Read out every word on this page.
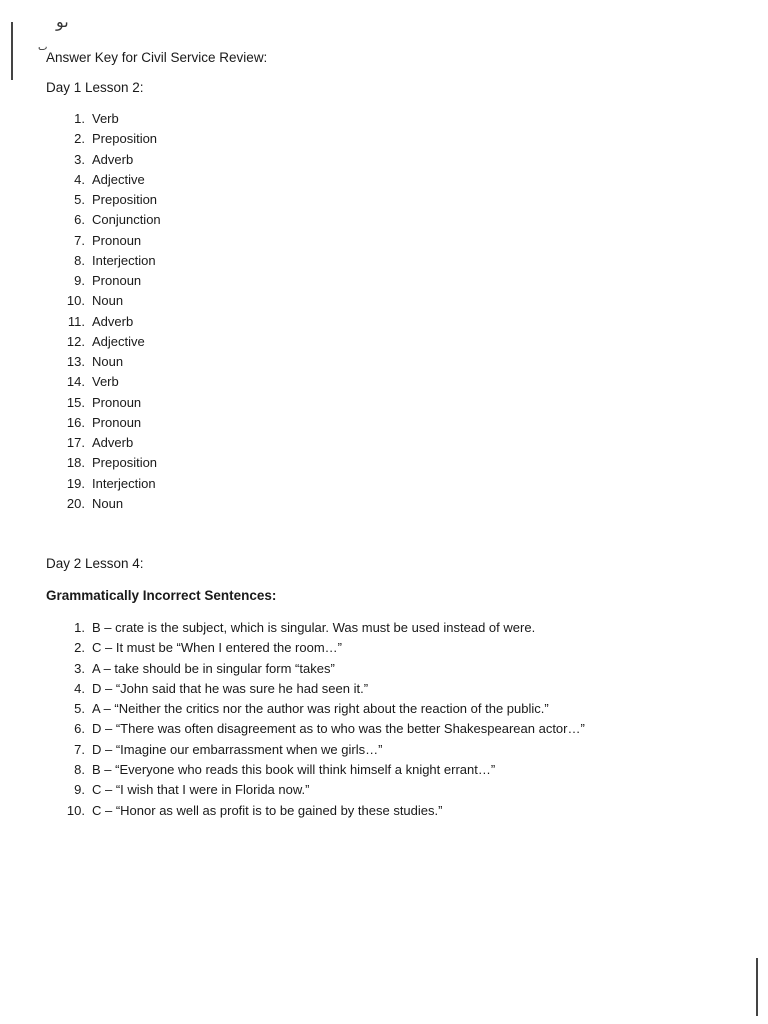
ىو
ٮ
Answer Key for Civil Service Review:
Day 1 Lesson 2:
1. Verb
2. Preposition
3. Adverb
4. Adjective
5. Preposition
6. Conjunction
7. Pronoun
8. Interjection
9. Pronoun
10. Noun
11. Adverb
12. Adjective
13. Noun
14. Verb
15. Pronoun
16. Pronoun
17. Adverb
18. Preposition
19. Interjection
20. Noun
Day 2 Lesson 4:
Grammatically Incorrect Sentences:
1. B – crate is the subject, which is singular. Was must be used instead of were.
2. C – It must be “When I entered the room…”
3. A – take should be in singular form “takes”
4. D – “John said that he was sure he had seen it.”
5. A – “Neither the critics nor the author was right about the reaction of the public.”
6. D – “There was often disagreement as to who was the better Shakespearean actor…”
7. D – “Imagine our embarrassment when we girls…”
8. B – “Everyone who reads this book will think himself a knight errant…”
9. C – “I wish that I were in Florida now.”
10. C – “Honor as well as profit is to be gained by these studies.”
